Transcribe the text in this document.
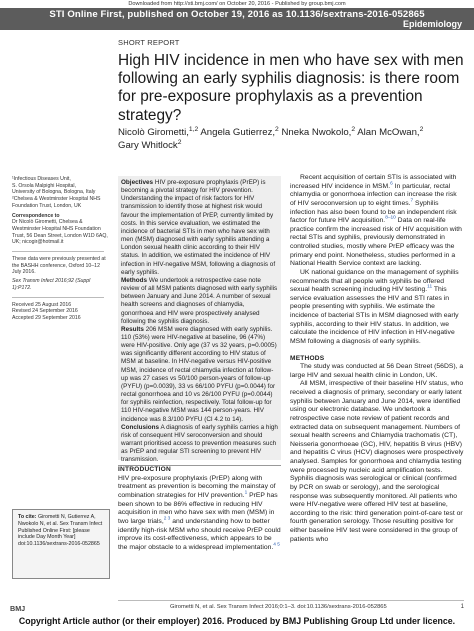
Downloaded from http://sti.bmj.com/ on October 20, 2016 - Published by group.bmj.com
STI Online First, published on October 19, 2016 as 10.1136/sextrans-2016-052865
Epidemiology
SHORT REPORT
High HIV incidence in men who have sex with men following an early syphilis diagnosis: is there room for pre-exposure prophylaxis as a prevention strategy?
Nicolò Girometti,$^{1,2}$ Angela Gutierrez,$^2$ Nneka Nwokolo,$^2$ Alan McOwan,$^2$
Gary Whitlock$^2$
¹Infectious Diseases Unit,
S. Orsola Malpighi Hospital,
University of Bologna, Bologna, Italy
²Chelsea & Westminster Hospital NHS Foundation Trust, London, UK
Correspondence to
Dr Nicolò Girometti, Chelsea & Westminster Hospital NHS Foundation Trust, 56 Dean Street, London W1D 6AQ, UK; nicogir@hotmail.it
These data were previously presented at the BASHH conference, Oxford 10–12 July 2016.
Sex Transm Infect 2016;92 (Suppl 1):P172.
Received 25 August 2016
Revised 24 September 2016
Accepted 29 September 2016
To cite: Girometti N, Gutierrez A, Nwokolo N, et al. Sex Transm Infect Published Online First: [please include Day Month Year] doi:10.1136/sextrans-2016-052865
Objectives HIV pre-exposure prophylaxis (PrEP) is becoming a pivotal strategy for HIV prevention. Understanding the impact of risk factors for HIV transmission to identify those at highest risk would favour the implementation of PrEP, currently limited by costs. In this service evaluation, we estimated the incidence of bacterial STIs in men who have sex with men (MSM) diagnosed with early syphilis attending a London sexual health clinic according to their HIV status. In addition, we estimated the incidence of HIV infection in HIV-negative MSM, following a diagnosis of early syphilis.
Methods We undertook a retrospective case note review of all MSM patients diagnosed with early syphilis between January and June 2014. A number of sexual health screens and diagnoses of chlamydia, gonorrhoea and HIV were prospectively analysed following the syphilis diagnosis.
Results 206 MSM were diagnosed with early syphilis. 110 (53%) were HIV-negative at baseline, 96 (47%) were HIV-positive. Only age (37 vs 32 years, p=0.0005) was significantly different according to HIV status of MSM at baseline. In HIV-negative versus HIV-positive MSM, incidence of rectal chlamydia infection at follow-up was 27 cases vs 50/100 person-years of follow-up (PYFU) (p=0.0039), 33 vs 66/100 PYFU (p=0.0044) for rectal gonorrhoea and 10 vs 26/100 PYFU (p=0.0044) for syphilis reinfection, respectively. Total follow-up for 110 HIV-negative MSM was 144 person-years. HIV incidence was 8.3/100 PYFU (CI 4.2 to 14).
Conclusions A diagnosis of early syphilis carries a high risk of consequent HIV seroconversion and should warrant prioritised access to prevention measures such as PrEP and regular STI screening to prevent HIV transmission.
INTRODUCTION
HIV pre-exposure prophylaxis (PrEP) along with treatment as prevention is becoming the mainstay of combination strategies for HIV prevention.$^1$ PrEP has been shown to be 86% effective in reducing HIV acquisition in men who have sex with men (MSM) in two large trials,$^{2 3}$ and understanding how to better identify high-risk MSM who should receive PrEP could improve its cost-effectiveness, which appears to be the major obstacle to a widespread implementation.$^{4 5}$

Recent acquisition of certain STIs is associated with increased HIV incidence in MSM.$^6$ In particular, rectal chlamydia or gonorrhoea infection can increase the risk of HIV seroconversion up to eight times.$^7$ Syphilis infection has also been found to be an independent risk factor for future HIV acquisition.$^{8-10}$ Data on real-life practice confirm the increased risk of HIV acquisition with rectal STIs and syphilis, previously demonstrated in controlled studies, mostly where PrEP efficacy was the primary end point. Nonetheless, studies performed in a National Health Service context are lacking.

UK national guidance on the management of syphilis recommends that all people with syphilis be offered sexual health screening including HIV testing.$^{11}$ This service evaluation assesses the HIV and STI rates in people presenting with syphilis. We estimate the incidence of bacterial STIs in MSM diagnosed with early syphilis, according to their HIV status. In addition, we calculate the incidence of HIV infection in HIV-negative MSM following a diagnosis of early syphilis.

METHODS

The study was conducted at 56 Dean Street (56DS), a large HIV and sexual health clinic in London, UK.

All MSM, irrespective of their baseline HIV status, who received a diagnosis of primary, secondary or early latent syphilis between January and June 2014, were identified using our electronic database. We undertook a retrospective case note review of patient records and extracted data on subsequent management. Numbers of sexual health screens and Chlamydia trachomatis (CT), Neisseria gonorrhoeae (GC), HIV, hepatitis B virus (HBV) and hepatitis C virus (HCV) diagnoses were prospectively analysed. Samples for gonorrhoea and chlamydia testing were processed by nucleic acid amplification tests. Syphilis diagnosis was serological or clinical (confirmed by PCR on swab or serology), and the serological response was subsequently monitored. All patients who were HIV-negative were offered HIV test at baseline, according to the risk: third generation point-of-care test or fourth generation serology. Those resulting positive for either baseline HIV test were considered in the group of patients who

BMJ	Girometti N, et al. Sex Transm Infect 2016;0:1–3. doi:10.1136/sextrans-2016-052865	1
Copyright Article author (or their employer) 2016. Produced by BMJ Publishing Group Ltd under licence.
